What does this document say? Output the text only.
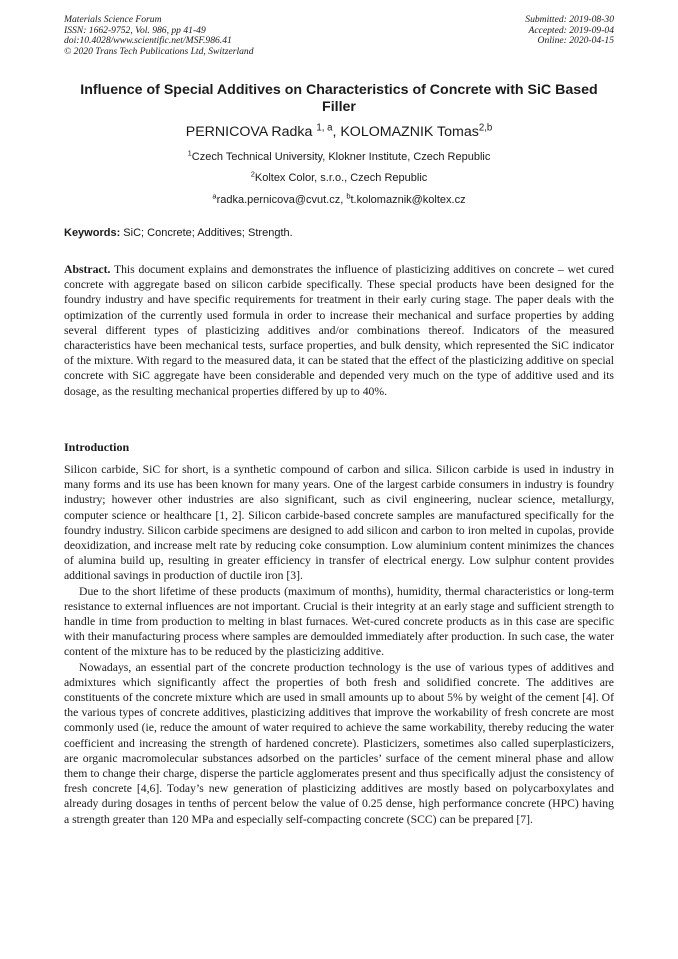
Materials Science Forum
ISSN: 1662-9752, Vol. 986, pp 41-49
doi:10.4028/www.scientific.net/MSF.986.41
© 2020 Trans Tech Publications Ltd, Switzerland
Submitted: 2019-08-30
Accepted: 2019-09-04
Online: 2020-04-15
Influence of Special Additives on Characteristics of Concrete with SiC Based Filler
PERNICOVA Radka $^{1, a}$, KOLOMAZNIK Tomas$^{2,b}$
$^1$Czech Technical University, Klokner Institute, Czech Republic
$^2$Koltex Color, s.r.o., Czech Republic
$^a$radka.pernicova@cvut.cz, $^b$t.kolomaznik@koltex.cz
Keywords: SiC; Concrete; Additives; Strength.

Abstract. This document explains and demonstrates the influence of plasticizing additives on concrete – wet cured concrete with aggregate based on silicon carbide specifically. These special products have been designed for the foundry industry and have specific requirements for treatment in their early curing stage. The paper deals with the optimization of the currently used formula in order to increase their mechanical and surface properties by adding several different types of plasticizing additives and/or combinations thereof. Indicators of the measured characteristics have been mechanical tests, surface properties, and bulk density, which represented the SiC indicator of the mixture. With regard to the measured data, it can be stated that the effect of the plasticizing additive on special concrete with SiC aggregate have been considerable and depended very much on the type of additive used and its dosage, as the resulting mechanical properties differed by up to 40%.

Introduction

Silicon carbide, SiC for short, is a synthetic compound of carbon and silica. Silicon carbide is used in industry in many forms and its use has been known for many years. One of the largest carbide consumers in industry is foundry industry; however other industries are also significant, such as civil engineering, nuclear science, metallurgy, computer science or healthcare [1, 2]. Silicon carbide-based concrete samples are manufactured specifically for the foundry industry. Silicon carbide specimens are designed to add silicon and carbon to iron melted in cupolas, provide deoxidization, and increase melt rate by reducing coke consumption. Low aluminium content minimizes the chances of alumina build up, resulting in greater efficiency in transfer of electrical energy. Low sulphur content provides additional savings in production of ductile iron [3].

Due to the short lifetime of these products (maximum of months), humidity, thermal characteristics or long-term resistance to external influences are not important. Crucial is their integrity at an early stage and sufficient strength to handle in time from production to melting in blast furnaces. Wet-cured concrete products as in this case are specific with their manufacturing process where samples are demoulded immediately after production. In such case, the water content of the mixture has to be reduced by the plasticizing additive.

Nowadays, an essential part of the concrete production technology is the use of various types of additives and admixtures which significantly affect the properties of both fresh and solidified concrete. The additives are constituents of the concrete mixture which are used in small amounts up to about 5% by weight of the cement [4]. Of the various types of concrete additives, plasticizing additives that improve the workability of fresh concrete are most commonly used (ie, reduce the amount of water required to achieve the same workability, thereby reducing the water coefficient and increasing the strength of hardened concrete). Plasticizers, sometimes also called superplasticizers, are organic macromolecular substances adsorbed on the particles’ surface of the cement mineral phase and allow them to change their charge, disperse the particle agglomerates present and thus specifically adjust the consistency of fresh concrete [4,6]. Today’s new generation of plasticizing additives are mostly based on polycarboxylates and already during dosages in tenths of percent below the value of 0.25 dense, high performance concrete (HPC) having a strength greater than 120 MPa and especially self-compacting concrete (SCC) can be prepared [7].
